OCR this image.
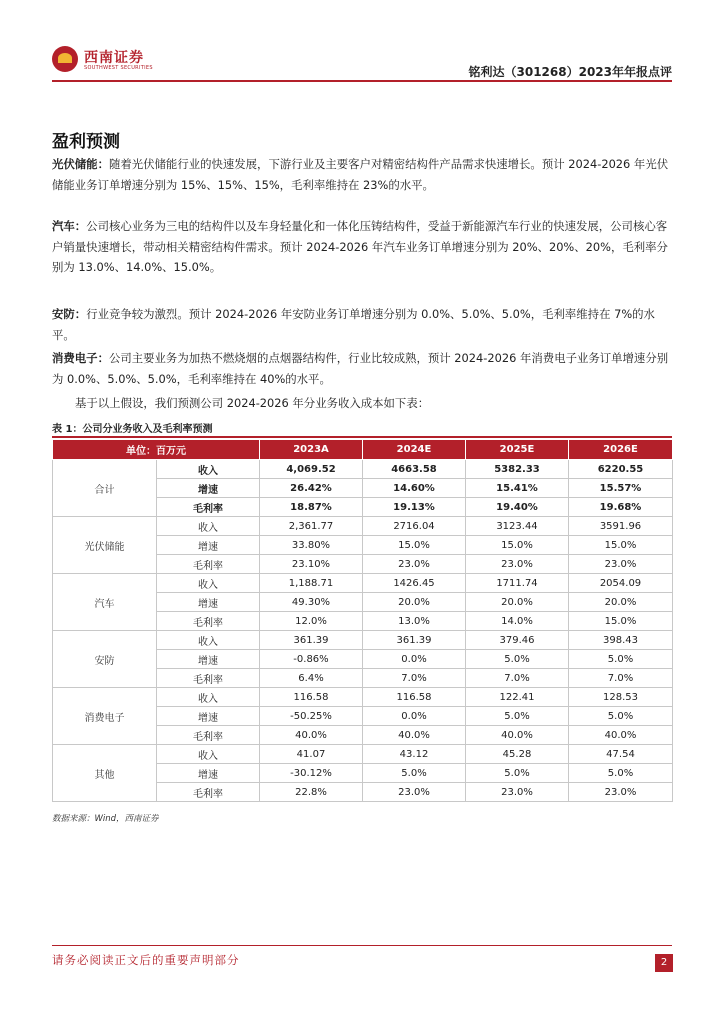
西南证券
SOUTHWEST SECURITIES	铭利达（301268）2023年年报点评
盈利预测
光伏储能：随着光伏储能行业的快速发展，下游行业及主要客户对精密结构件产品需求快速增长。预计 2024-2026 年光伏储能业务订单增速分别为 15%、15%、15%，毛利率维持在 23%的水平。
汽车：公司核心业务为三电的结构件以及车身轻量化和一体化压铸结构件，受益于新能源汽车行业的快速发展，公司核心客户销量快速增长，带动相关精密结构件需求。预计 2024-2026 年汽车业务订单增速分别为 20%、20%、20%，毛利率分别为 13.0%、14.0%、15.0%。
安防：行业竞争较为激烈。预计 2024-2026 年安防业务订单增速分别为 0.0%、5.0%、5.0%，毛利率维持在 7%的水平。
消费电子：公司主要业务为加热不燃烧烟的点烟器结构件，行业比较成熟，预计 2024-2026 年消费电子业务订单增速分别为 0.0%、5.0%、5.0%，毛利率维持在 40%的水平。
基于以上假设，我们预测公司 2024-2026 年分业务收入成本如下表：
表 1：公司分业务收入及毛利率预测
单位：百万元		2023A	2024E	2025E	2026E
合计	收入	4,069.52	4663.58	5382.33	6220.55
	增速	26.42%	14.60%	15.41%	15.57%
	毛利率	18.87%	19.13%	19.40%	19.68%
光伏储能	收入	2,361.77	2716.04	3123.44	3591.96
	增速	33.80%	15.0%	15.0%	15.0%
	毛利率	23.10%	23.0%	23.0%	23.0%
汽车	收入	1,188.71	1426.45	1711.74	2054.09
	增速	49.30%	20.0%	20.0%	20.0%
	毛利率	12.0%	13.0%	14.0%	15.0%
安防	收入	361.39	361.39	379.46	398.43
	增速	-0.86%	0.0%	5.0%	5.0%
	毛利率	6.4%	7.0%	7.0%	7.0%
消费电子	收入	116.58	116.58	122.41	128.53
	增速	-50.25%	0.0%	5.0%	5.0%
	毛利率	40.0%	40.0%	40.0%	40.0%
其他	收入	41.07	43.12	45.28	47.54
	增速	-30.12%	5.0%	5.0%	5.0%
	毛利率	22.8%	23.0%	23.0%	23.0%
数据来源：Wind，西南证券
请务必阅读正文后的重要声明部分	2
